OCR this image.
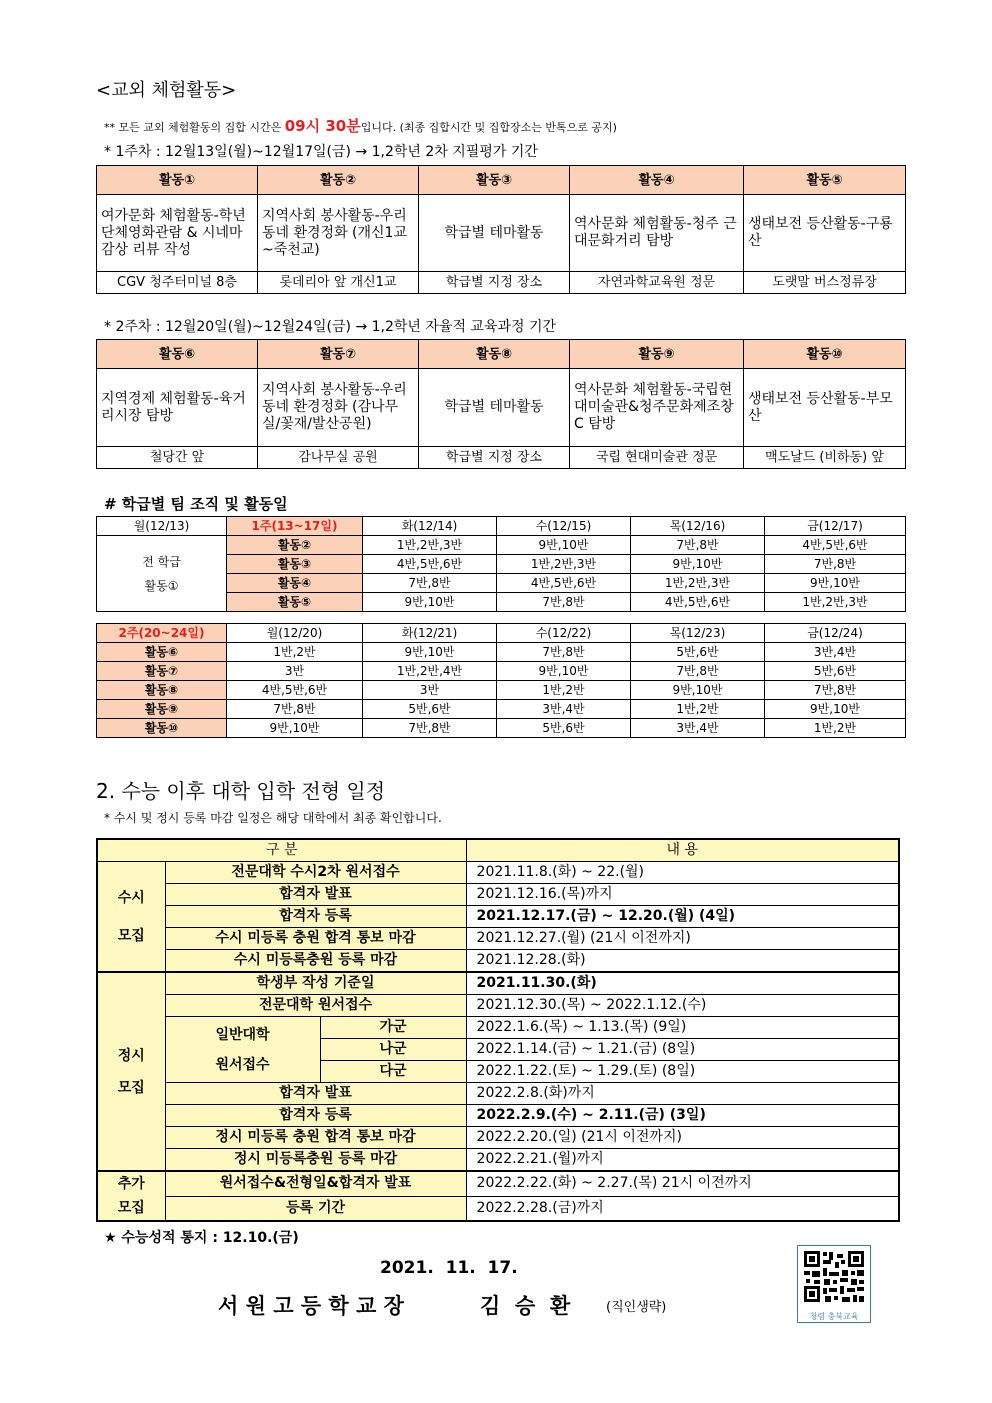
<교외 체험활동>
** 모든 교외 체험활동의 집합 시간은 09시 30분입니다. (최종 집합시간 및 집합장소는 반톡으로 공지)
* 1주차 : 12월13일(월)~12월17일(금) → 1,2학년 2차 지필평가 기간
활동①	활동②	활동③	활동④	활동⑤
여가문화 체험활동-학년 단체영화관람 & 시네마 감상 리뷰 작성	지역사회 봉사활동-우리 동네 환경정화 (개신1교~죽천교)	학급별 테마활동	역사문화 체험활동-청주 근대문화거리 탐방	생태보전 등산활동-구룡산
CGV 청주터미널 8층	롯데리아 앞 개신1교	학급별 지정 장소	자연과학교육원 정문	도랫말 버스정류장
* 2주차 : 12월20일(월)~12월24일(금) → 1,2학년 자율적 교육과정 기간
활동⑥	활동⑦	활동⑧	활동⑨	활동⑩
지역경제 체험활동-육거리시장 탐방	지역사회 봉사활동-우리동네 환경정화 (감나무실/꽃재/발산공원)	학급별 테마활동	역사문화 체험활동-국립현대미술관&청주문화제조창C 탐방	생태보전 등산활동-부모산
철당간 앞	감나무실 공원	학급별 지정 장소	국립 현대미술관 정문	맥도날드 (비하동) 앞
# 학급별 팀 조직 및 활동일
월(12/13)	1주(13~17일)	화(12/14)	수(12/15)	목(12/16)	금(12/17)

전 학급
활동①	활동②	1반,2반,3반	9반,10반	7반,8반	4반,5반,6반
	활동③	4반,5반,6반	1반,2반,3반	9반,10반	7반,8반
	활동④	7반,8반	4반,5반,6반	1반,2반,3반	9반,10반
	활동⑤	9반,10반	7반,8반	4반,5반,6반	1반,2반,3반
2주(20~24일)	월(12/20)	화(12/21)	수(12/22)	목(12/23)	금(12/24)
활동⑥	1반,2반	9반,10반	7반,8반	5반,6반	3반,4반
활동⑦	3반	1반,2반,4반	9반,10반	7반,8반	5반,6반
활동⑧	4반,5반,6반	3반	1반,2반	9반,10반	7반,8반
활동⑨	7반,8반	5반,6반	3반,4반	1반,2반	9반,10반
활동⑩	9반,10반	7반,8반	5반,6반	3반,4반	1반,2반
2. 수능 이후 대학 입학 전형 일정
* 수시 및 정시 등록 마감 일정은 해당 대학에서 최종 확인합니다.
구 분			내 용

수시
모집	전문대학 수시2차 원서접수		2021.11.8.(화) ~ 22.(월)
	합격자 발표		2021.12.16.(목)까지
	합격자 등록		2021.12.17.(금) ~ 12.20.(월) (4일)
	수시 미등록 충원 합격 통보 마감		2021.12.27.(월) (21시 이전까지)
	수시 미등록충원 등록 마감		2021.12.28.(화)

정시
모집	학생부 작성 기준일		2021.11.30.(화)
	전문대학 원서접수		2021.12.30.(목) ~ 2022.1.12.(수)

	일반대학
원서접수	가군	2022.1.6.(목) ~ 1.13.(목) (9일)
		나군	2022.1.14.(금) ~ 1.21.(금) (8일)
		다군	2022.1.22.(토) ~ 1.29.(토) (8일)
	합격자 발표		2022.2.8.(화)까지
	합격자 등록		2022.2.9.(수) ~ 2.11.(금) (3일)
	정시 미등록 충원 합격 통보 마감		2022.2.20.(일) (21시 이전까지)
	정시 미등록충원 등록 마감		2022.2.21.(월)까지

추가
모집	원서접수&전형일&합격자 발표		2022.2.22.(화) ~ 2.27.(목) 21시 이전까지
	등록 기간		2022.2.28.(금)까지
★ 수능성적 통지 : 12.10.(금)
2021.  11.  17.
서 원 고 등 학 교 장	김  승  환	(직인생략)
청렴 충북교육
